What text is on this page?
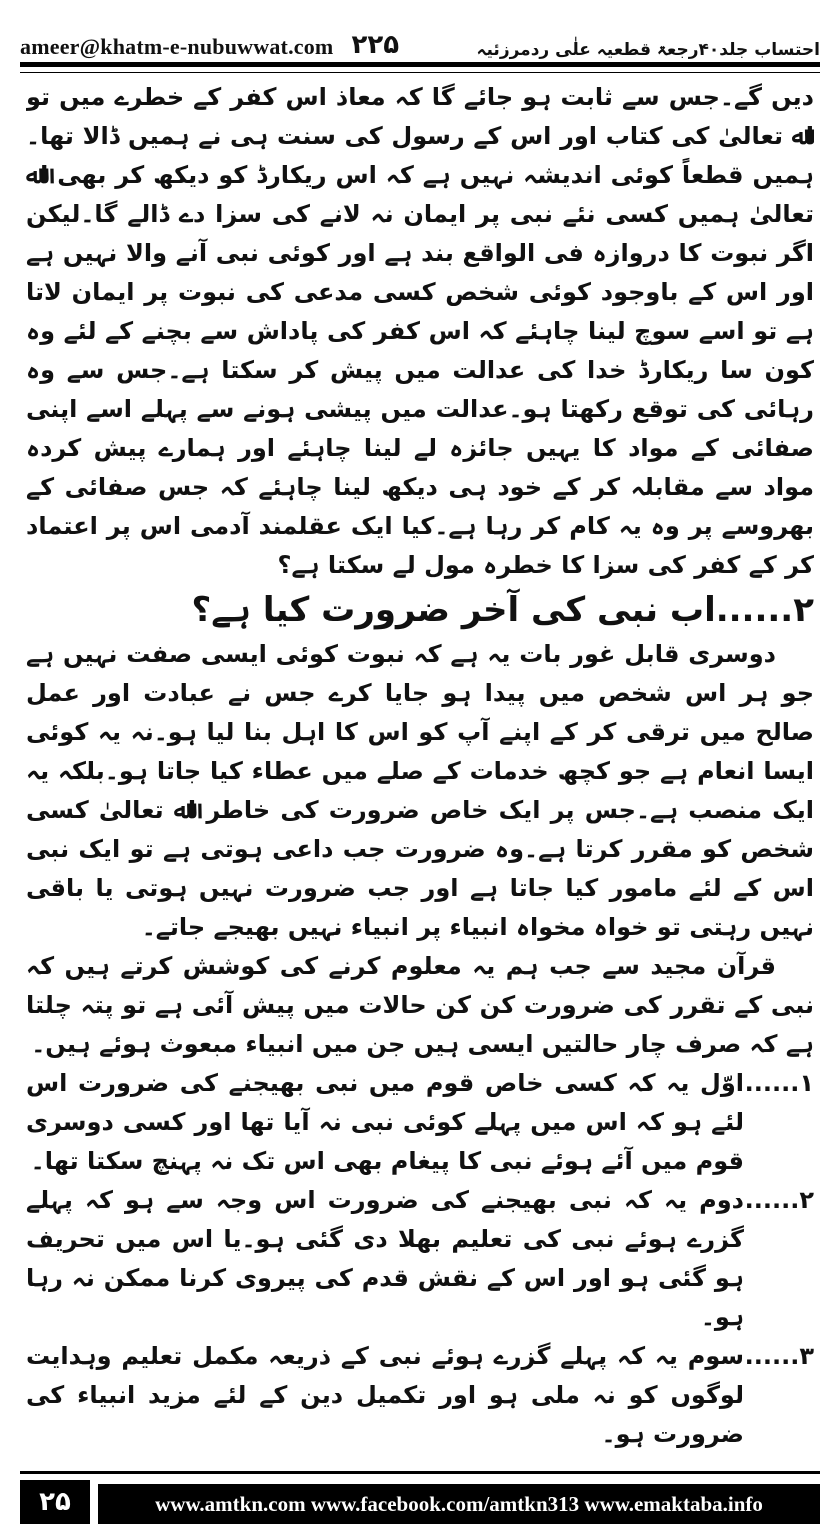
ameer@khatm-e-nubuwwat.com ۲۲۵	احتساب جلد۴۰رجعۃ قطعیہ علٰی ردمرزئیہ

دیں گے۔جس سے ثابت ہو جائے گا کہ معاذ اس کفر کے خطرے میں تو اﷲ تعالیٰ کی کتاب اور اس کے رسول کی سنت ہی نے ہمیں ڈالا تھا۔ہمیں قطعاً کوئی اندیشہ نہیں ہے کہ اس ریکارڈ کو دیکھ کر بھی اﷲ تعالیٰ ہمیں کسی نئے نبی پر ایمان نہ لانے کی سزا دے ڈالے گا۔لیکن اگر نبوت کا دروازہ فی الواقع بند ہے اور کوئی نبی آنے والا نہیں ہے اور اس کے باوجود کوئی شخص کسی مدعی کی نبوت پر ایمان لاتا ہے تو اسے سوچ لینا چاہئے کہ اس کفر کی پاداش سے بچنے کے لئے وہ کون سا ریکارڈ خدا کی عدالت میں پیش کر سکتا ہے۔جس سے وہ رہائی کی توقع رکھتا ہو۔عدالت میں پیشی ہونے سے پہلے اسے اپنی صفائی کے مواد کا یہیں جائزہ لے لینا چاہئے اور ہمارے پیش کردہ مواد سے مقابلہ کر کے خود ہی دیکھ لینا چاہئے کہ جس صفائی کے بھروسے پر وہ یہ کام کر رہا ہے۔کیا ایک عقلمند آدمی اس پر اعتماد کر کے کفر کی سزا کا خطرہ مول لے سکتا ہے؟

۲......اب نبی کی آخر ضرورت کیا ہے؟

دوسری قابل غور بات یہ ہے کہ نبوت کوئی ایسی صفت نہیں ہے جو ہر اس شخص میں پیدا ہو جایا کرے جس نے عبادت اور عمل صالح میں ترقی کر کے اپنے آپ کو اس کا اہل بنا لیا ہو۔نہ یہ کوئی ایسا انعام ہے جو کچھ خدمات کے صلے میں عطاء کیا جاتا ہو۔بلکہ یہ ایک منصب ہے۔جس پر ایک خاص ضرورت کی خاطر اﷲ تعالیٰ کسی شخص کو مقرر کرتا ہے۔وہ ضرورت جب داعی ہوتی ہے تو ایک نبی اس کے لئے مامور کیا جاتا ہے اور جب ضرورت نہیں ہوتی یا باقی نہیں رہتی تو خواہ مخواہ انبیاء پر انبیاء نہیں بھیجے جاتے۔

قرآن مجید سے جب ہم یہ معلوم کرنے کی کوشش کرتے ہیں کہ نبی کے تقرر کی ضرورت کن کن حالات میں پیش آئی ہے تو پتہ چلتا ہے کہ صرف چار حالتیں ایسی ہیں جن میں انبیاء مبعوث ہوئے ہیں۔

۱......
اوّل یہ کہ کسی خاص قوم میں نبی بھیجنے کی ضرورت اس لئے ہو کہ اس میں پہلے کوئی نبی نہ آیا تھا اور کسی دوسری قوم میں آئے ہوئے نبی کا پیغام بھی اس تک نہ پہنچ سکتا تھا۔
۲......
دوم یہ کہ نبی بھیجنے کی ضرورت اس وجہ سے ہو کہ پہلے گزرے ہوئے نبی کی تعلیم بھلا دی گئی ہو۔یا اس میں تحریف ہو گئی ہو اور اس کے نقش قدم کی پیروی کرنا ممکن نہ رہا ہو۔
۳......
سوم یہ کہ پہلے گزرے ہوئے نبی کے ذریعہ مکمل تعلیم وہدایت لوگوں کو نہ ملی ہو اور تکمیل دین کے لئے مزید انبیاء کی ضرورت ہو۔
۲۵	www.amtkn.com www.facebook.com/amtkn313 www.emaktaba.info
